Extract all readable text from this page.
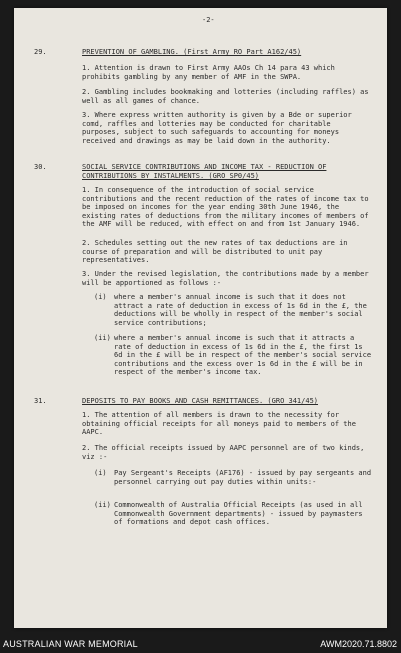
-2-
29.	PREVENTION OF GAMBLING. (First Army RO Part A162/45)
1. Attention is drawn to First Army AAOs Ch 14 para 43 which prohibits gambling by any member of AMF in the SWPA.
2. Gambling includes bookmaking and lotteries (including raffles) as well as all games of chance.
3. Where express written authority is given by a Bde or superior comd, raffles and lotteries may be conducted for charitable purposes, subject to such safeguards to accounting for moneys received and drawings as may be laid down in the authority.
30.	SOCIAL SERVICE CONTRIBUTIONS AND INCOME TAX - REDUCTION OF CONTRIBUTIONS BY INSTALMENTS. (GRO SP0/45)
1. In consequence of the introduction of social service contributions and the recent reduction of the rates of income tax to be imposed on incomes for the year ending 30th June 1946, the existing rates of deductions from the military incomes of members of the AMF will be reduced, with effect on and from 1st January 1946.
2. Schedules setting out the new rates of tax deductions are in course of preparation and will be distributed to unit pay representatives.
3. Under the revised legislation, the contributions made by a member will be apportioned as follows :-
(i) where a member's annual income is such that it does not attract a rate of deduction in excess of 1s 6d in the £, the deductions will be wholly in respect of the member's social service contributions;
(ii) where a member's annual income is such that it attracts a rate of deduction in excess of 1s 6d in the £, the first 1s 6d in the £ will be in respect of the member's social service contributions and the excess over 1s 6d in the £ will be in respect of the member's income tax.
31.	DEPOSITS TO PAY BOOKS AND CASH REMITTANCES. (GRO 341/45)
1. The attention of all members is drawn to the necessity for obtaining official receipts for all moneys paid to members of the AAPC.
2. The official receipts issued by AAPC personnel are of two kinds, viz :-
(i) Pay Sergeant's Receipts (AF176) - issued by pay sergeants and personnel carrying out pay duties within units:-
(ii) Commonwealth of Australia Official Receipts (as used in all Commonwealth Government departments) - issued by paymasters of formations and depot cash offices.
AUSTRALIAN WAR MEMORIAL	AWM2020.71.8802
